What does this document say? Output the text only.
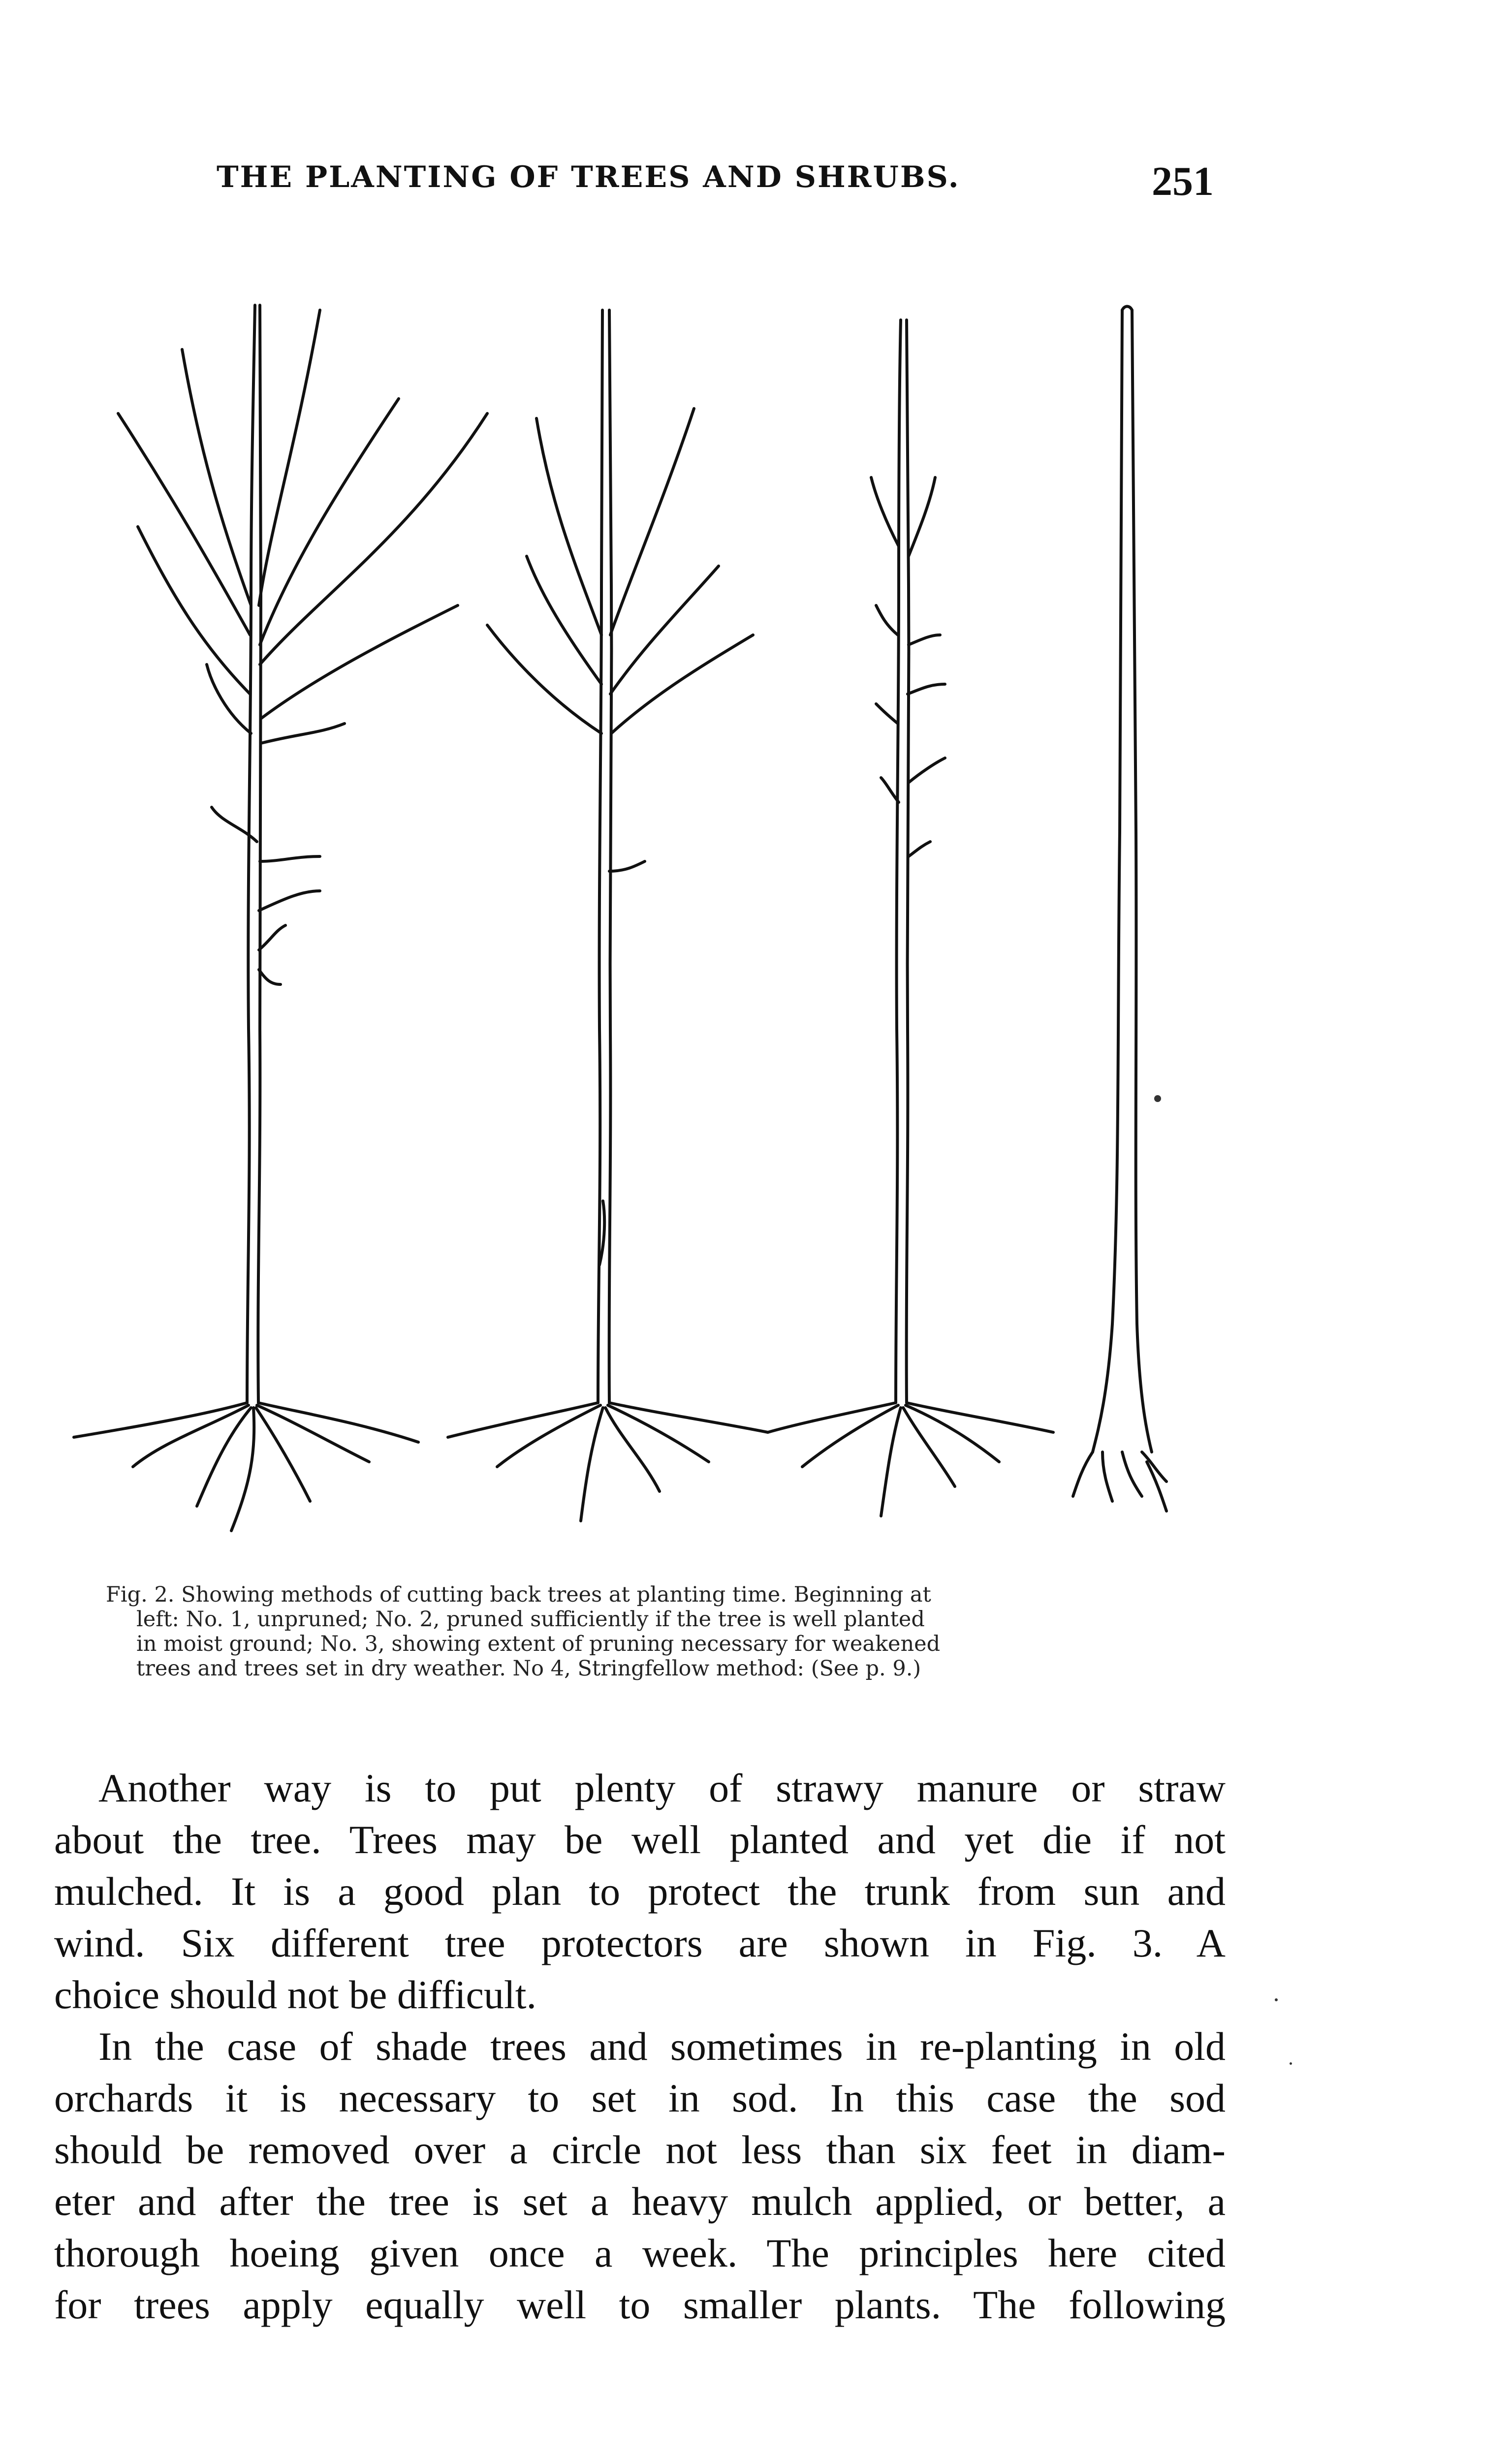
THE PLANTING OF TREES AND SHRUBS.	251
Fig. 2. Showing methods of cutting back trees at planting time. Beginning at
left: No. 1, unpruned; No. 2, pruned sufficiently if the tree is well planted
in moist ground; No. 3, showing extent of pruning necessary for weakened
trees and trees set in dry weather. No 4, Stringfellow method: (See p. 9.)
Another way is to put plenty of strawy manure or straw
about the tree. Trees may be well planted and yet die if not
mulched. It is a good plan to protect the trunk from sun and
wind. Six different tree protectors are shown in Fig. 3. A
choice should not be difficult.
In the case of shade trees and sometimes in re-planting in old
orchards it is necessary to set in sod. In this case the sod
should be removed over a circle not less than six feet in diam-
eter and after the tree is set a heavy mulch applied, or better, a
thorough hoeing given once a week. The principles here cited
for trees apply equally well to smaller plants. The following
